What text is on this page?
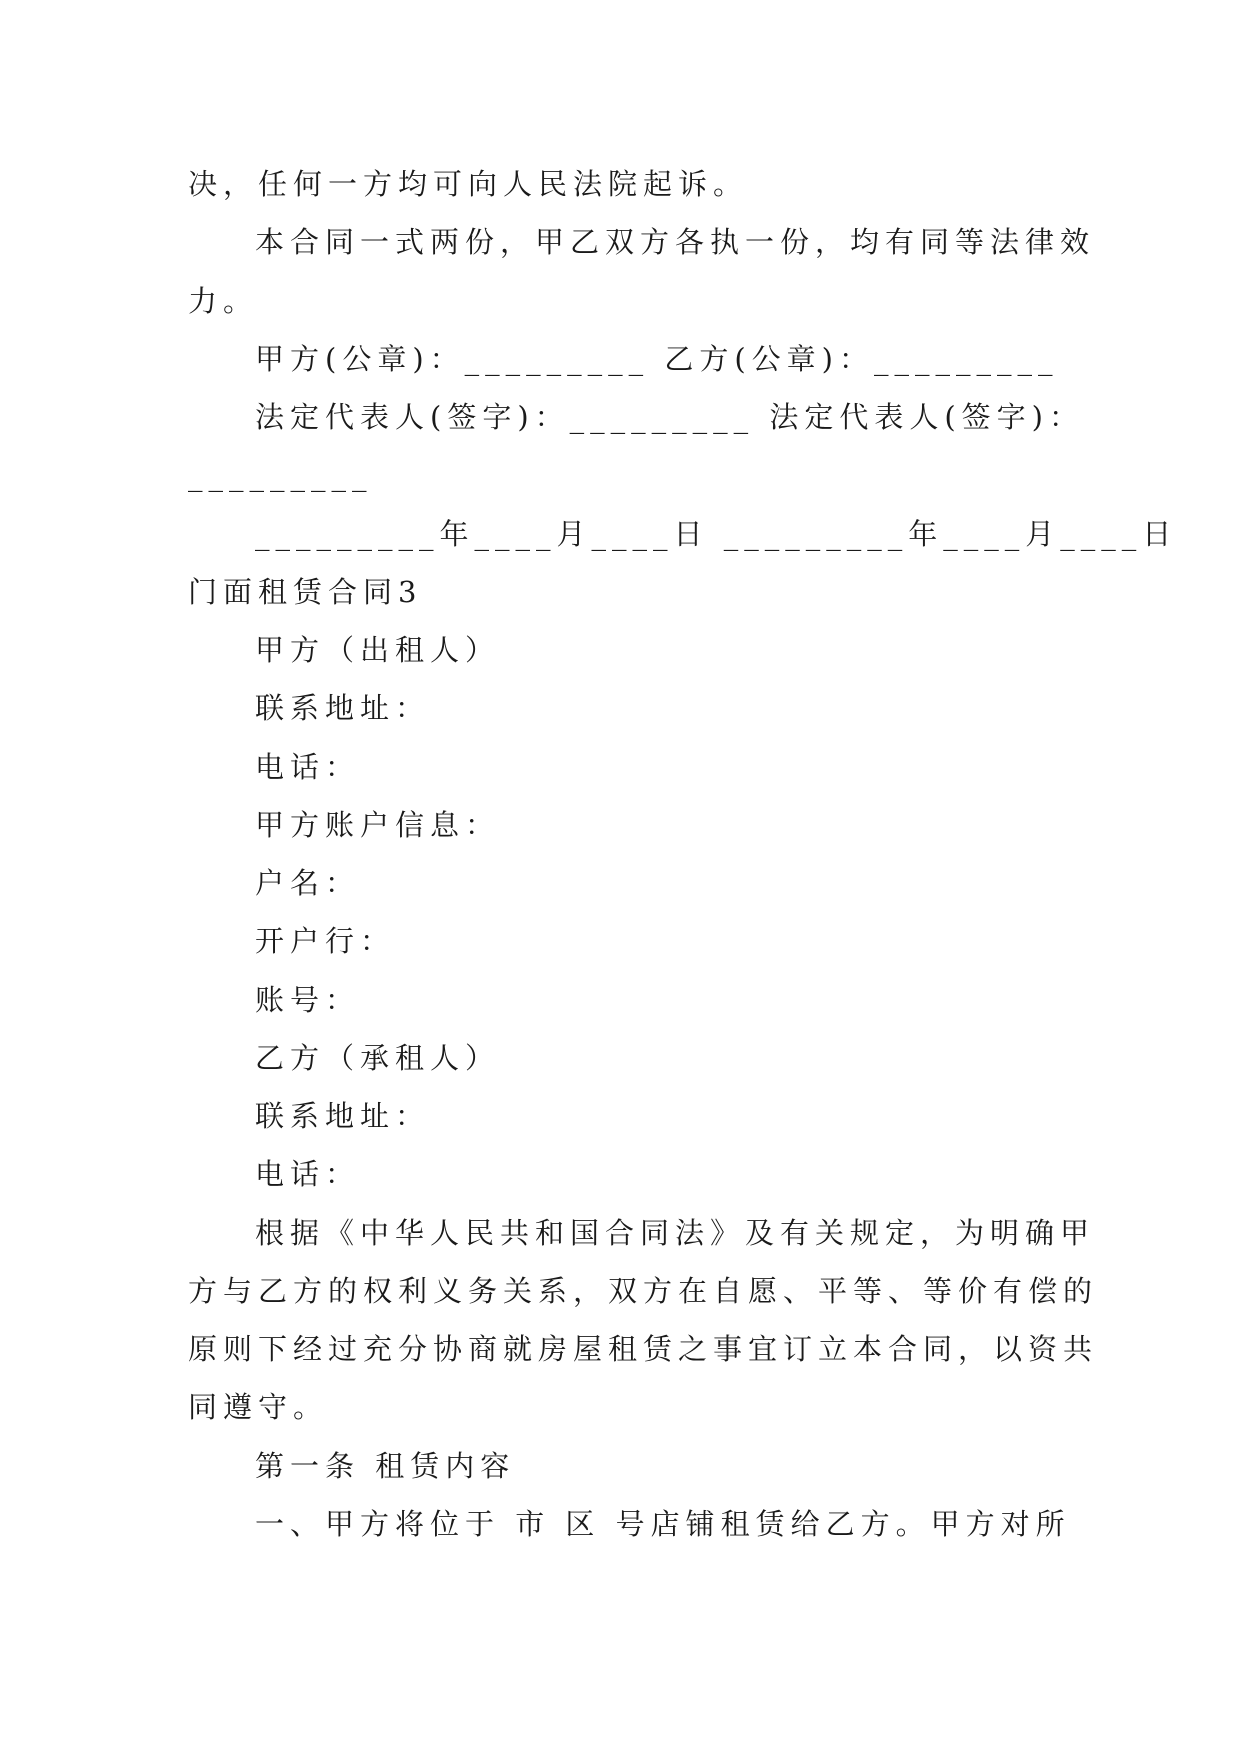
决，任何一方均可向人民法院起诉。
本合同一式两份，甲乙双方各执一份，均有同等法律效
力。
甲方(公章)：_________ 乙方(公章)：_________
法定代表人(签字)：_________ 法定代表人(签字)：
_________
_________年____月____日 _________年____月____日
门面租赁合同3
甲方（出租人）
联系地址：
电话：
甲方账户信息：
户名：
开户行：
账号：
乙方（承租人）
联系地址：
电话：
根据《中华人民共和国合同法》及有关规定，为明确甲
方与乙方的权利义务关系，双方在自愿、平等、等价有偿的
原则下经过充分协商就房屋租赁之事宜订立本合同，以资共
同遵守。
第一条 租赁内容
一、甲方将位于 市 区 号店铺租赁给乙方。甲方对所
